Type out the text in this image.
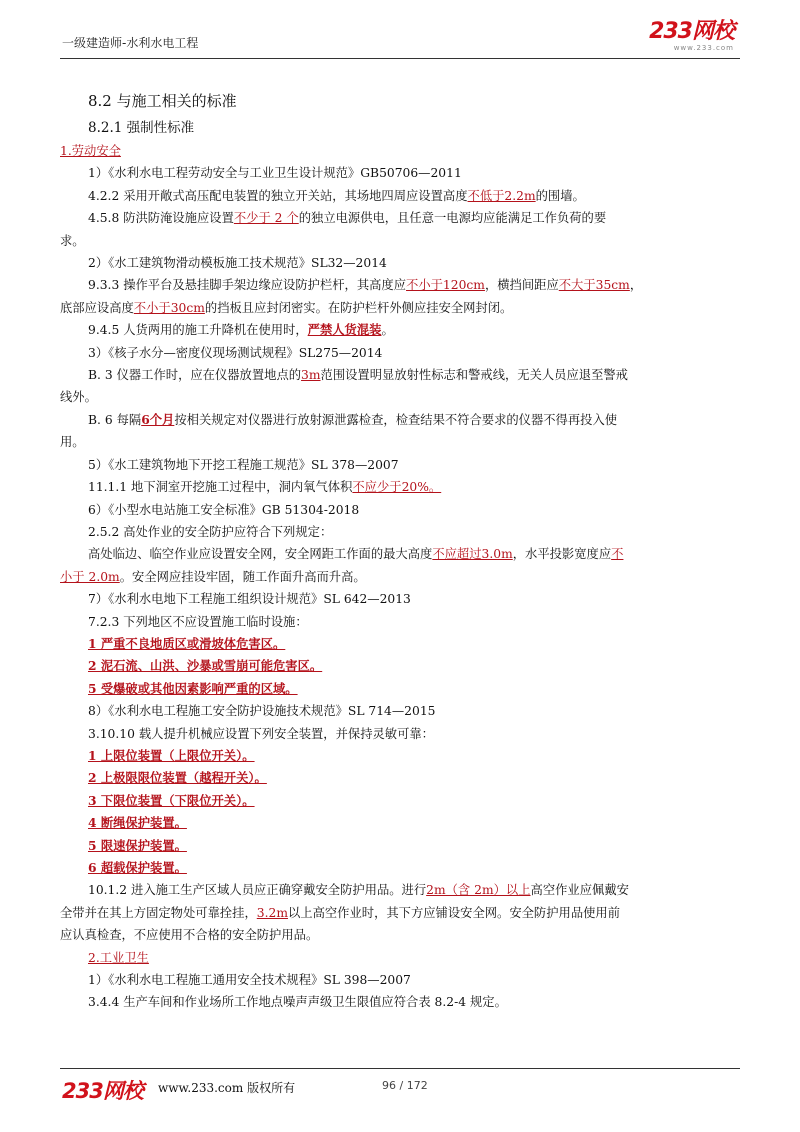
一级建造师-水利水电工程	233网校
www.233.com
8.2 与施工相关的标准
8.2.1 强制性标准
1.劳动安全
1）《水利水电工程劳动安全与工业卫生设计规范》GB50706—2011
4.2.2 采用开敞式高压配电装置的独立开关站，其场地四周应设置高度不低于2.2m的围墙。
4.5.8 防洪防淹设施应设置不少于 2 个的独立电源供电，且任意一电源均应能满足工作负荷的要
求。
2）《水工建筑物滑动模板施工技术规范》SL32—2014
9.3.3 操作平台及悬挂脚手架边缘应设防护栏杆，其高度应不小于120cm，横挡间距应不大于35cm，
底部应设高度不小于30cm的挡板且应封闭密实。在防护栏杆外侧应挂安全网封闭。
9.4.5 人货两用的施工升降机在使用时，严禁人货混装。
3）《核子水分—密度仪现场测试规程》SL275—2014
B. 3 仪器工作时，应在仪器放置地点的3m范围设置明显放射性标志和警戒线，无关人员应退至警戒
线外。
B. 6 每隔6个月按相关规定对仪器进行放射源泄露检查，检查结果不符合要求的仪器不得再投入使
用。
5）《水工建筑物地下开挖工程施工规范》SL 378—2007
11.1.1 地下洞室开挖施工过程中，洞内氧气体积不应少于20%。
6）《小型水电站施工安全标准》GB 51304-2018
2.5.2 高处作业的安全防护应符合下列规定：
高处临边、临空作业应设置安全网，安全网距工作面的最大高度不应超过3.0m，水平投影宽度应不
小于 2.0m。安全网应挂设牢固，随工作面升高而升高。
7）《水利水电地下工程施工组织设计规范》SL 642—2013
7.2.3 下列地区不应设置施工临时设施：
1 严重不良地质区或滑坡体危害区。
2 泥石流、山洪、沙暴或雪崩可能危害区。
5 受爆破或其他因素影响严重的区域。
8）《水利水电工程施工安全防护设施技术规范》SL 714—2015
3.10.10 载人提升机械应设置下列安全装置，并保持灵敏可靠：
1 上限位装置（上限位开关）。
2 上极限限位装置（越程开关）。
3 下限位装置（下限位开关）。
4 断绳保护装置。
5 限速保护装置。
6 超载保护装置。
10.1.2 进入施工生产区域人员应正确穿戴安全防护用品。进行2m（含 2m）以上高空作业应佩戴安
全带并在其上方固定物处可靠拴挂，3.2m以上高空作业时，其下方应铺设安全网。安全防护用品使用前
应认真检查，不应使用不合格的安全防护用品。
2.工业卫生
1）《水利水电工程施工通用安全技术规程》SL 398—2007
3.4.4 生产车间和作业场所工作地点噪声声级卫生限值应符合表 8.2-4 规定。
233网校 www.233.com 版权所有	96 / 172
